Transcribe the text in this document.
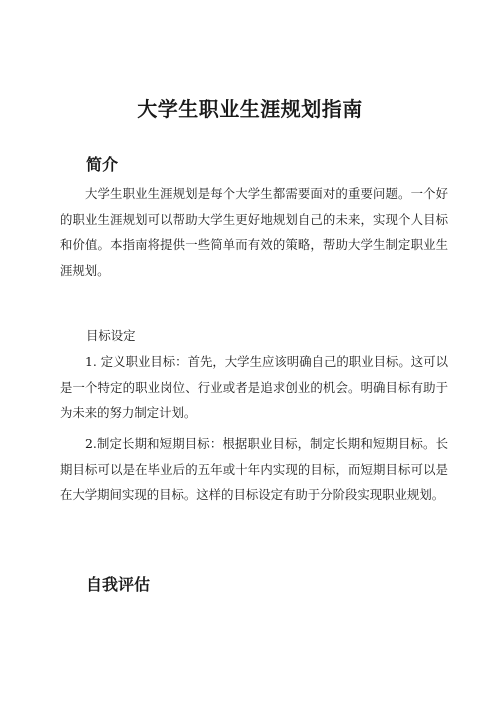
大学生职业生涯规划指南
简介

大学生职业生涯规划是每个大学生都需要面对的重要问题。一个好的职业生涯规划可以帮助大学生更好地规划自己的未来，实现个人目标和价值。本指南将提供一些简单而有效的策略，帮助大学生制定职业生涯规划。

目标设定

1. 定义职业目标：首先，大学生应该明确自己的职业目标。这可以是一个特定的职业岗位、行业或者是追求创业的机会。明确目标有助于为未来的努力制定计划。

2.制定长期和短期目标：根据职业目标，制定长期和短期目标。长期目标可以是在毕业后的五年或十年内实现的目标，而短期目标可以是在大学期间实现的目标。这样的目标设定有助于分阶段实现职业规划。

自我评估
